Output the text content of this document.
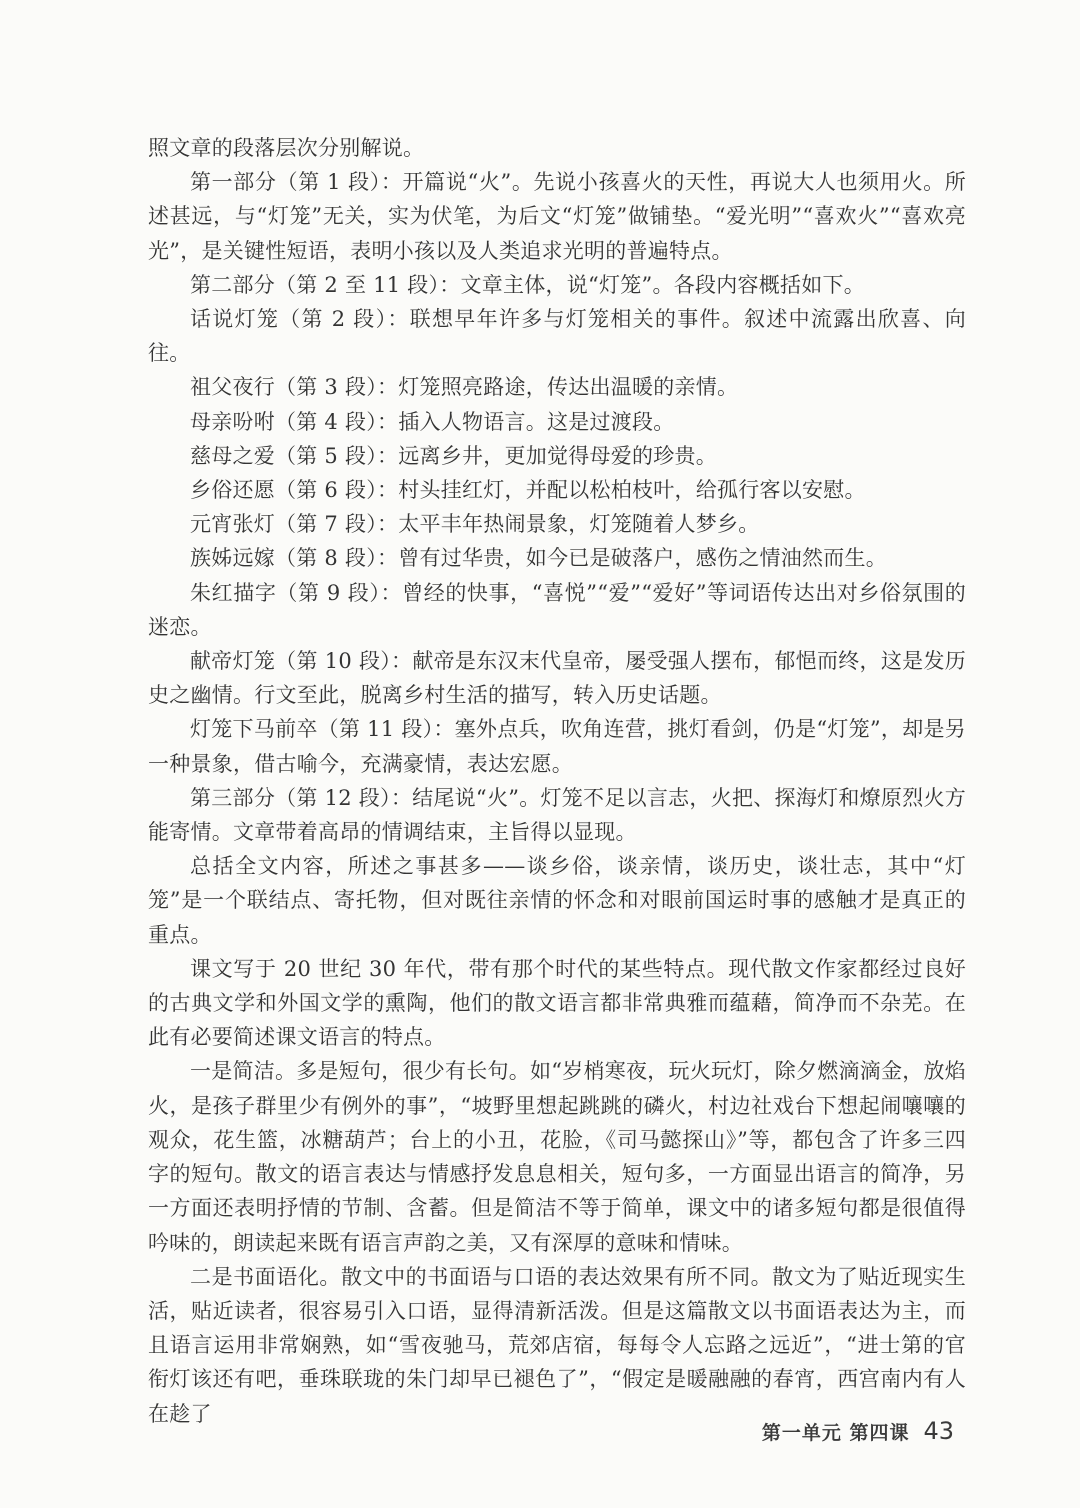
照文章的段落层次分别解说。

第一部分（第 1 段）：开篇说“火”。先说小孩喜火的天性，再说大人也须用火。所述甚远，与“灯笼”无关，实为伏笔，为后文“灯笼”做铺垫。“爱光明”“喜欢火”“喜欢亮光”，是关键性短语，表明小孩以及人类追求光明的普遍特点。

第二部分（第 2 至 11 段）：文章主体，说“灯笼”。各段内容概括如下。

话说灯笼（第 2 段）：联想早年许多与灯笼相关的事件。叙述中流露出欣喜、向往。

祖父夜行（第 3 段）：灯笼照亮路途，传达出温暖的亲情。

母亲吩咐（第 4 段）：插入人物语言。这是过渡段。

慈母之爱（第 5 段）：远离乡井，更加觉得母爱的珍贵。

乡俗还愿（第 6 段）：村头挂红灯，并配以松柏枝叶，给孤行客以安慰。

元宵张灯（第 7 段）：太平丰年热闹景象，灯笼随着人梦乡。

族姊远嫁（第 8 段）：曾有过华贵，如今已是破落户，感伤之情油然而生。

朱红描字（第 9 段）：曾经的快事，“喜悦”“爱”“爱好”等词语传达出对乡俗氛围的迷恋。

献帝灯笼（第 10 段）：献帝是东汉末代皇帝，屡受强人摆布，郁悒而终，这是发历史之幽情。行文至此，脱离乡村生活的描写，转入历史话题。

灯笼下马前卒（第 11 段）：塞外点兵，吹角连营，挑灯看剑，仍是“灯笼”，却是另一种景象，借古喻今，充满豪情，表达宏愿。

第三部分（第 12 段）：结尾说“火”。灯笼不足以言志，火把、探海灯和燎原烈火方能寄情。文章带着高昂的情调结束，主旨得以显现。

总括全文内容，所述之事甚多——谈乡俗，谈亲情，谈历史，谈壮志，其中“灯笼”是一个联结点、寄托物，但对既往亲情的怀念和对眼前国运时事的感触才是真正的重点。

课文写于 20 世纪 30 年代，带有那个时代的某些特点。现代散文作家都经过良好的古典文学和外国文学的熏陶，他们的散文语言都非常典雅而蕴藉，简净而不杂芜。在此有必要简述课文语言的特点。

一是简洁。多是短句，很少有长句。如“岁梢寒夜，玩火玩灯，除夕燃滴滴金，放焰火，是孩子群里少有例外的事”，“坡野里想起跳跳的磷火，村边社戏台下想起闹嚷嚷的观众，花生篮，冰糖葫芦；台上的小丑，花脸，《司马懿探山》”等，都包含了许多三四字的短句。散文的语言表达与情感抒发息息相关，短句多，一方面显出语言的简净，另一方面还表明抒情的节制、含蓄。但是简洁不等于简单，课文中的诸多短句都是很值得吟味的，朗读起来既有语言声韵之美，又有深厚的意味和情味。

二是书面语化。散文中的书面语与口语的表达效果有所不同。散文为了贴近现实生活，贴近读者，很容易引入口语，显得清新活泼。但是这篇散文以书面语表达为主，而且语言运用非常娴熟，如“雪夜驰马，荒郊店宿，每每令人忘路之远近”，“进士第的官衔灯该还有吧，垂珠联珑的朱门却早已褪色了”，“假定是暖融融的春宵，西宫南内有人在趁了

第一单元 第四课 43
